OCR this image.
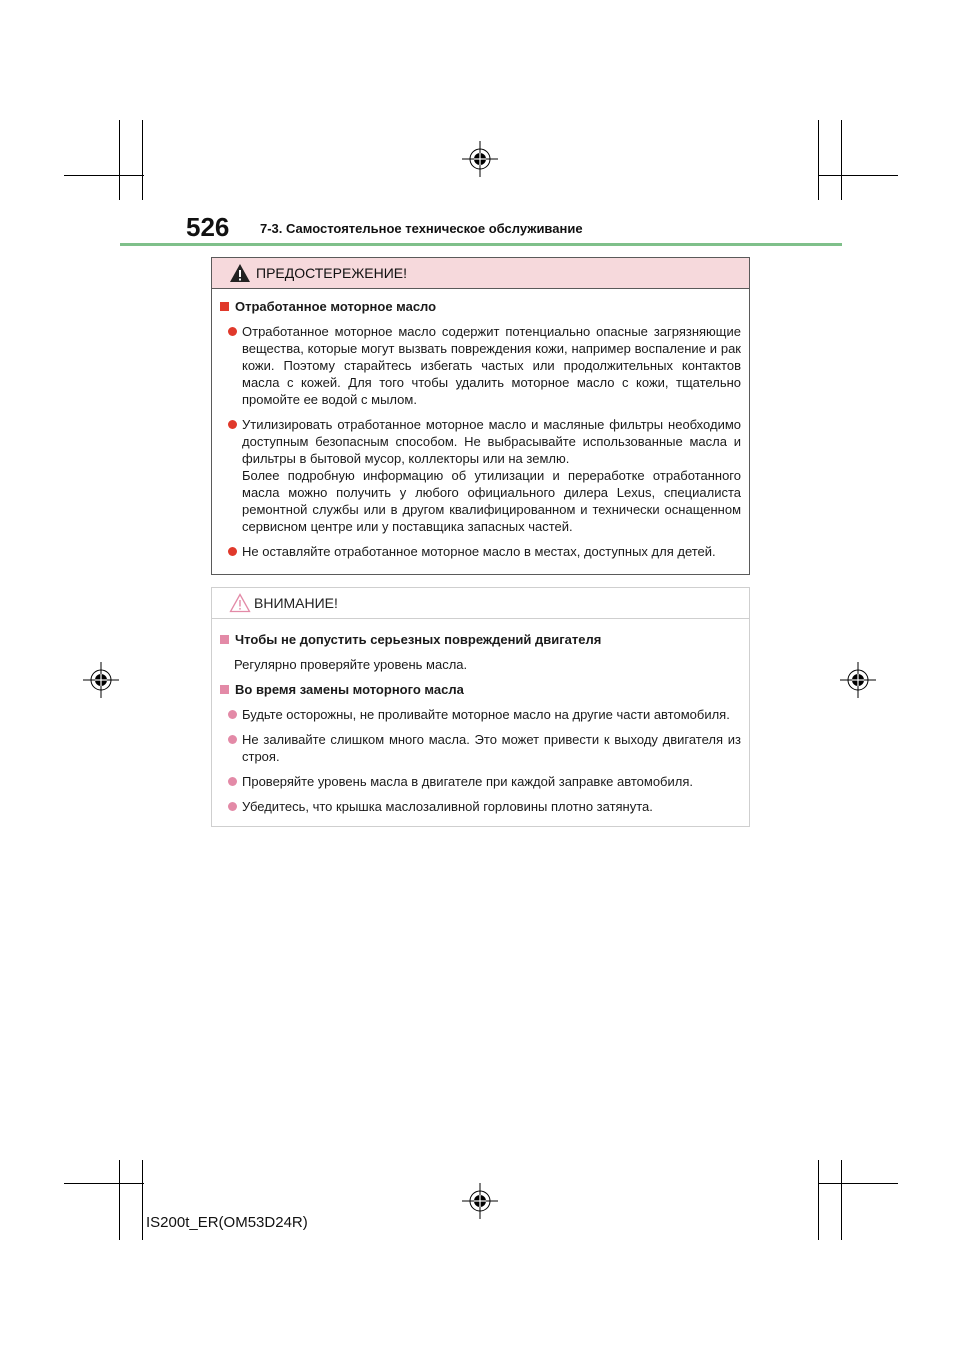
526 7-3. Самостоятельное техническое обслуживание
ПРЕДОСТЕРЕЖЕНИЕ!
Отработанное моторное масло
Отработанное моторное масло содержит потенциально опасные загрязняющие вещества, которые могут вызвать повреждения кожи, например воспаление и рак кожи. Поэтому старайтесь избегать частых или продолжительных контактов масла с кожей. Для того чтобы удалить моторное масло с кожи, тщательно промойте ее водой с мылом.
Утилизировать отработанное моторное масло и масляные фильтры необходимо доступным безопасным способом. Не выбрасывайте использованные масла и фильтры в бытовой мусор, коллекторы или на землю.
Более подробную информацию об утилизации и переработке отработанного масла можно получить у любого официального дилера Lexus, специалиста ремонтной службы или в другом квалифицированном и технически оснащенном сервисном центре или у поставщика запасных частей.
Не оставляйте отработанное моторное масло в местах, доступных для детей.
ВНИМАНИЕ!
Чтобы не допустить серьезных повреждений двигателя
Регулярно проверяйте уровень масла.
Во время замены моторного масла
Будьте осторожны, не проливайте моторное масло на другие части автомобиля.
Не заливайте слишком много масла. Это может привести к выходу двигателя из строя.
Проверяйте уровень масла в двигателе при каждой заправке автомобиля.
Убедитесь, что крышка маслозаливной горловины плотно затянута.
IS200t_ER(OM53D24R)
